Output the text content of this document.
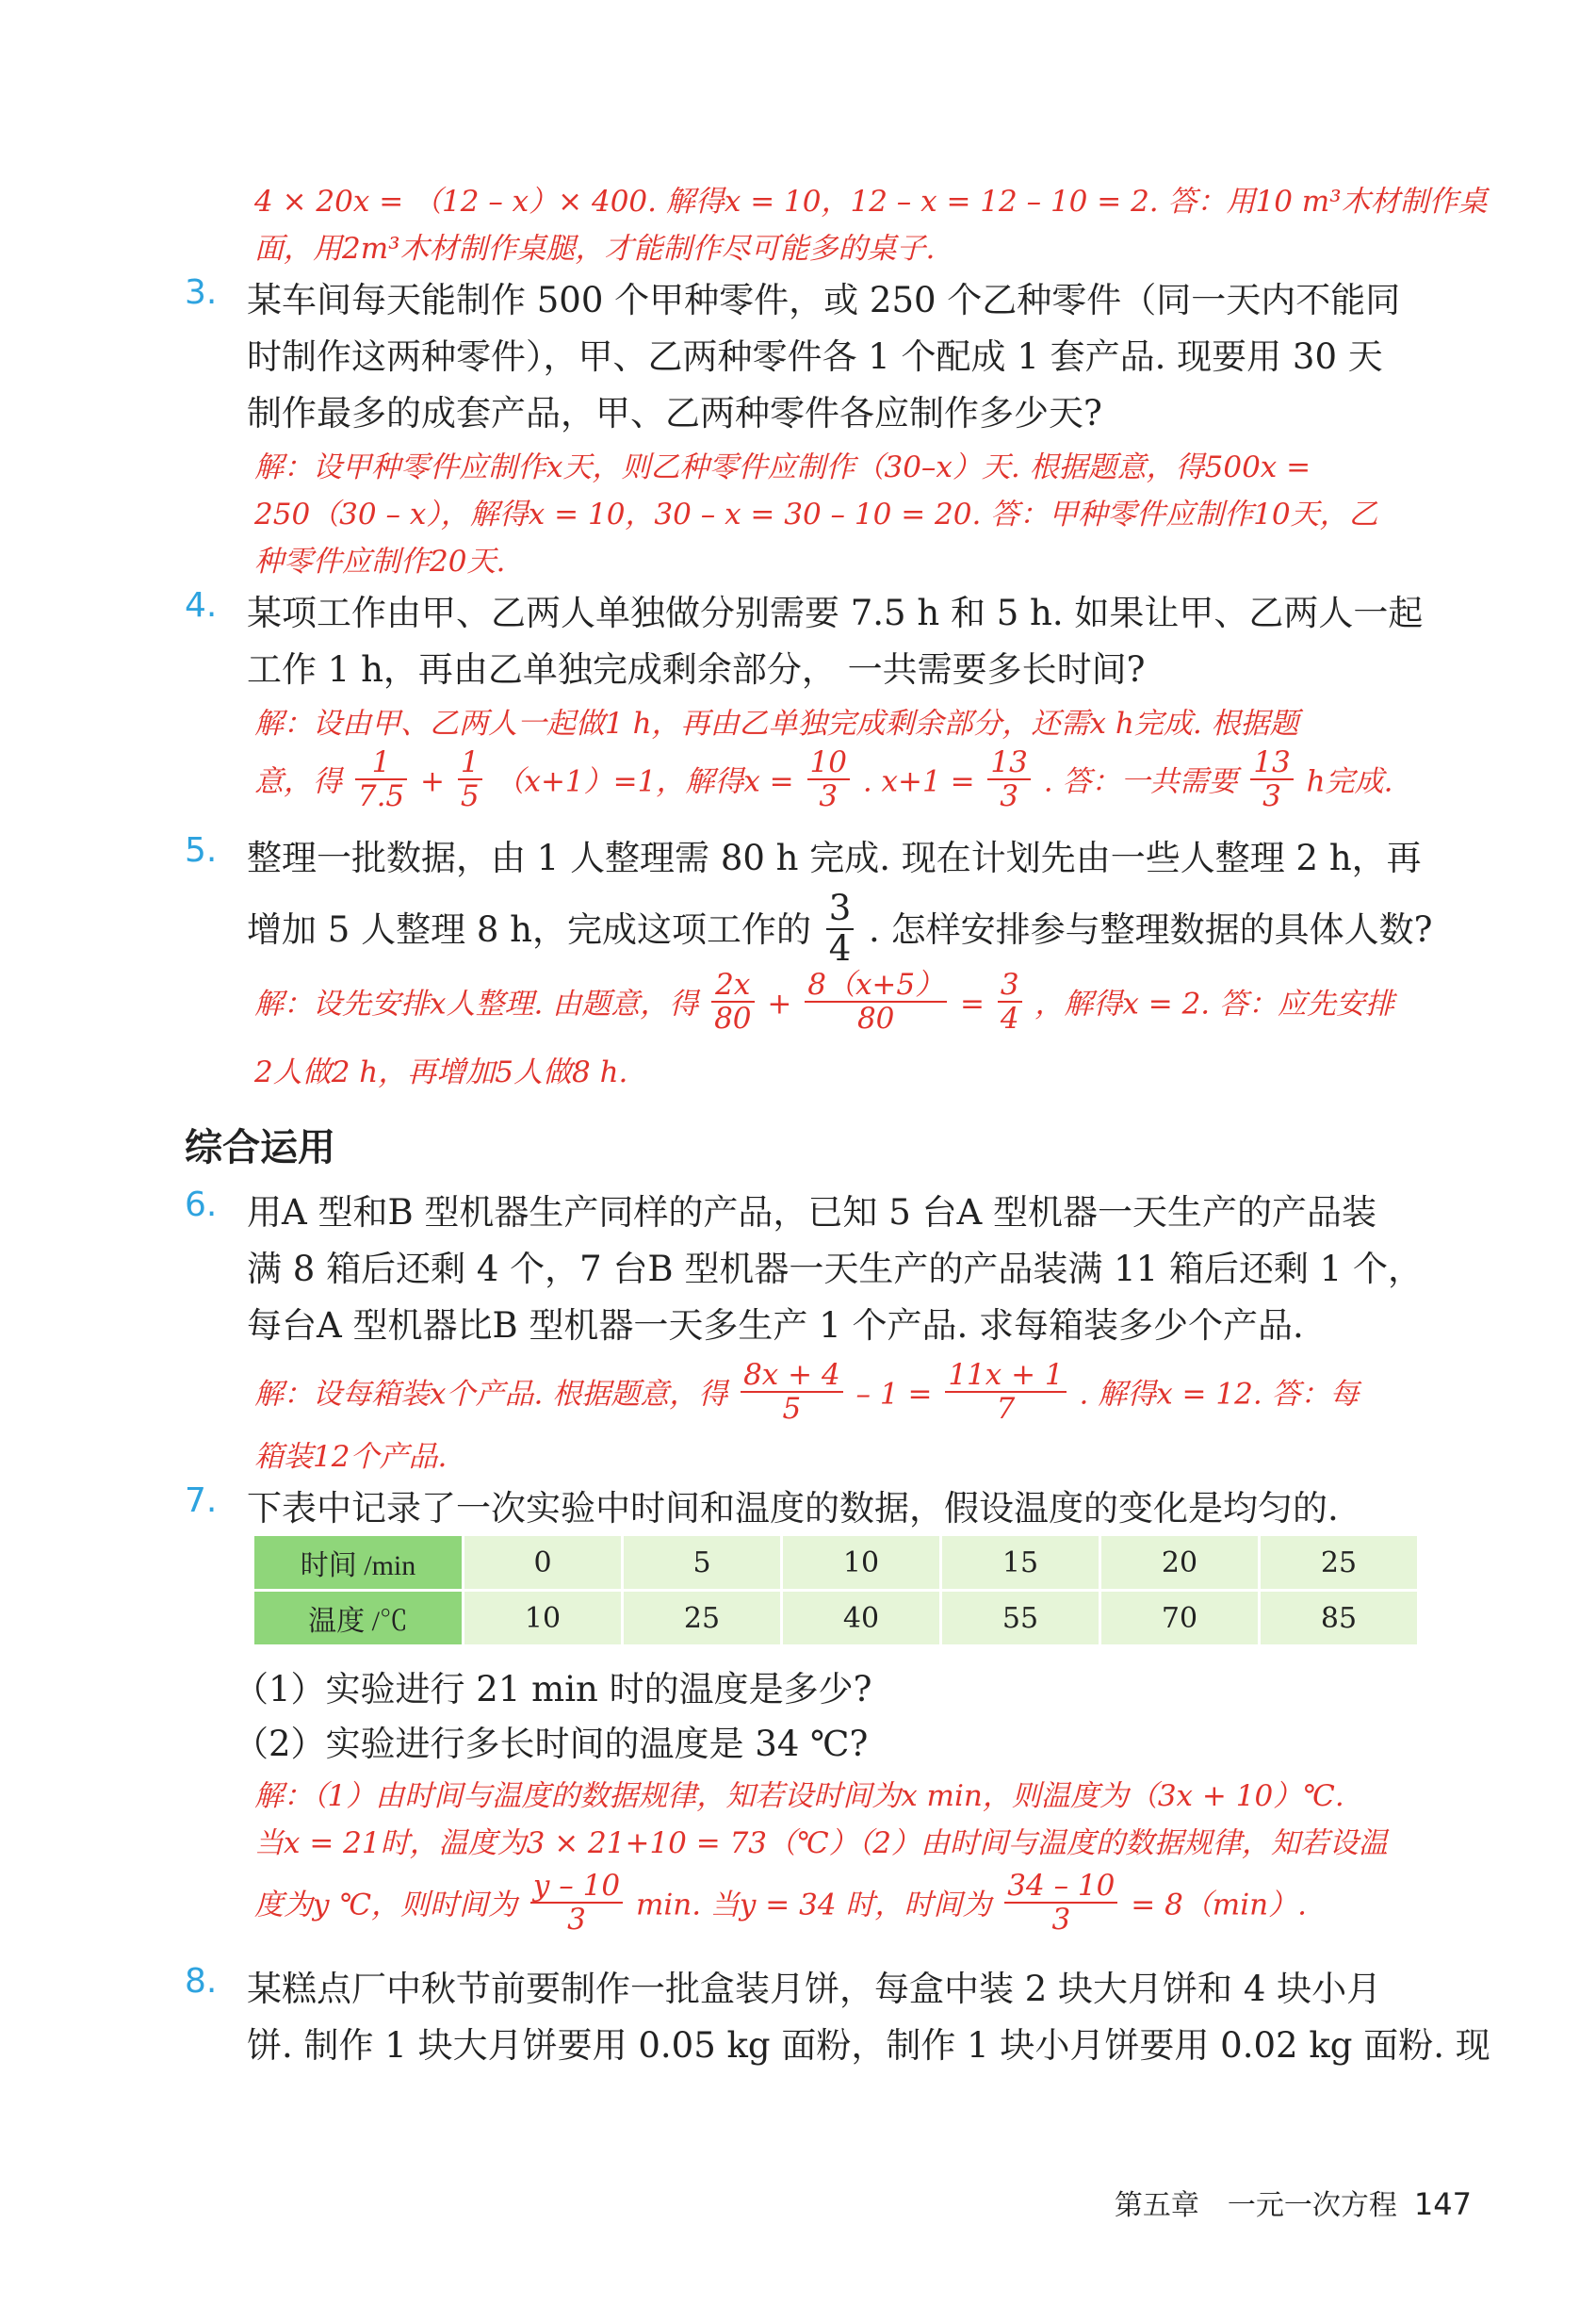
4 × 20x = （12 – x）× 400. 解得x = 10，12 – x = 12 – 10 = 2. 答：用10 m³木材制作桌
面，用2m³木材制作桌腿，才能制作尽可能多的桌子.
3. 某车间每天能制作 500 个甲种零件，或 250 个乙种零件（同一天内不能同
时制作这两种零件），甲、乙两种零件各 1 个配成 1 套产品. 现要用 30 天
制作最多的成套产品，甲、乙两种零件各应制作多少天?
解：设甲种零件应制作x天，则乙种零件应制作（30–x）天. 根据题意，得500x =
250（30 – x），解得x = 10，30 – x = 30 – 10 = 20. 答：甲种零件应制作10天，乙
种零件应制作20天.
4. 某项工作由甲、乙两人单独做分别需要 7.5 h 和 5 h. 如果让甲、乙两人一起
工作 1 h，再由乙单独完成剩余部分， 一共需要多长时间?
解：设由甲、乙两人一起做1 h，再由乙单独完成剩余部分，还需x h完成. 根据题
意，得 $\frac{1}{7.5} + \frac{1}{5} (x+1)=1$，解得$x = \frac{10}{3}$ . $x+1 = \frac{13}{3}$ . 答：一共需要 $\frac{13}{3}$ h完成.
5. 整理一批数据，由 1 人整理需 80 h 完成. 现在计划先由一些人整理 2 h，再
增加 5 人整理 8 h，完成这项工作的 $\frac{3}{4}$ . 怎样安排参与整理数据的具体人数?
解：设先安排x人整理. 由题意，得 $\frac{2x}{80} + \frac{8(x+5)}{80} = \frac{3}{4}$ ，解得x = 2. 答：应先安排
2人做2 h，再增加5人做8 h.
综合运用
6. 用A 型和B 型机器生产同样的产品，已知 5 台A 型机器一天生产的产品装
满 8 箱后还剩 4 个，7 台B 型机器一天生产的产品装满 11 箱后还剩 1 个，
每台A 型机器比B 型机器一天多生产 1 个产品. 求每箱装多少个产品.
解：设每箱装x个产品. 根据题意，得 $\frac{8x + 4}{5} - 1 = \frac{11x + 1}{7}$ . 解得x = 12. 答：每
箱装12个产品.
7. 下表中记录了一次实验中时间和温度的数据，假设温度的变化是均匀的.
时间 /min	0	5	10	15	20	25
温度 /℃	10	25	40	55	70	85
（1）实验进行 21 min 时的温度是多少?
（2）实验进行多长时间的温度是 34 ℃?
解：（1）由时间与温度的数据规律，知若设时间为x min，则温度为（3x + 10）℃.
当x = 21时，温度为3 × 21+10 = 73（℃）（2）由时间与温度的数据规律，知若设温
度为y ℃，则时间为 $\frac{y - 10}{3} \min$. 当y = 34 时，时间为 $\frac{34 - 10}{3} = 8(\min)$.
8. 某糕点厂中秋节前要制作一批盒装月饼，每盒中装 2 块大月饼和 4 块小月
饼. 制作 1 块大月饼要用 0.05 kg 面粉，制作 1 块小月饼要用 0.02 kg 面粉. 现
第五章　一元一次方程 147
